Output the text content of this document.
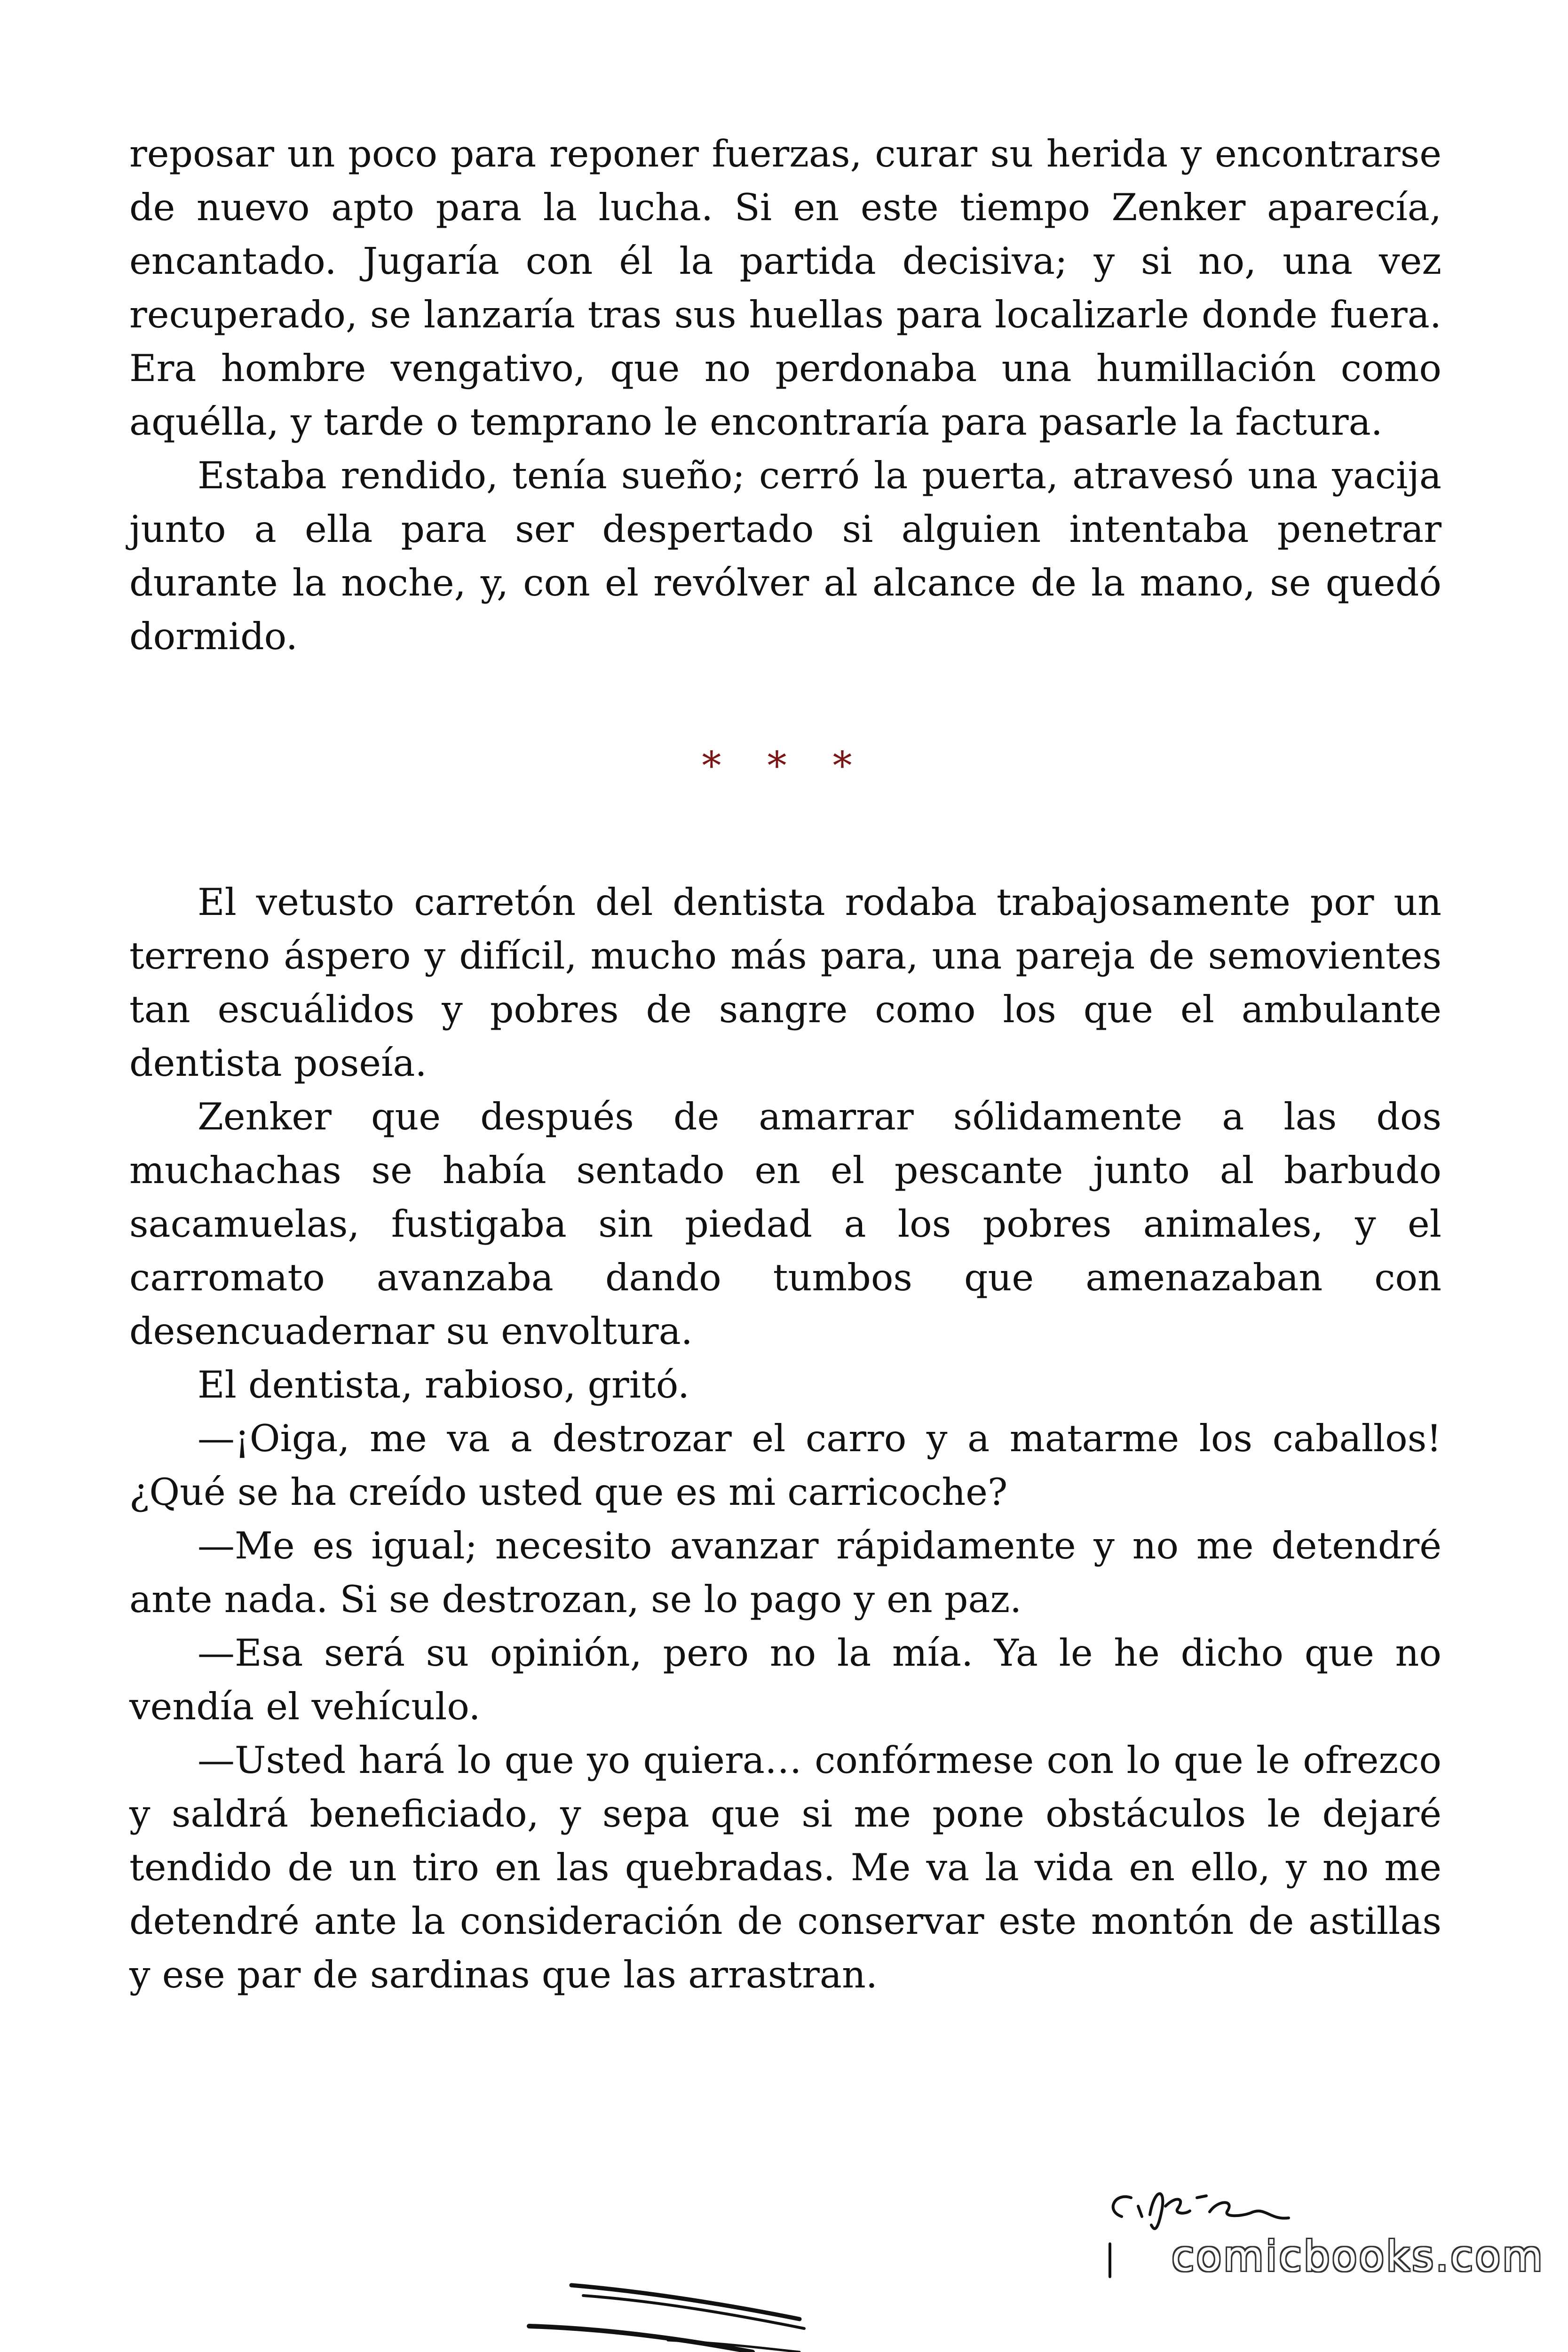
reposar un poco para reponer fuerzas, curar su herida y encontrarse de nuevo apto para la lucha. Si en este tiempo Zenker aparecía, encantado. Jugaría con él la partida decisiva; y si no, una vez recuperado, se lanzaría tras sus huellas para localizarle donde fuera. Era hombre vengativo, que no perdonaba una humillación como aquélla, y tarde o temprano le encontraría para pasarle la factura.

Estaba rendido, tenía sueño; cerró la puerta, atravesó una yacija junto a ella para ser despertado si alguien intentaba penetrar durante la noche, y, con el revólver al alcance de la mano, se quedó dormido.

* * *

El vetusto carretón del dentista rodaba trabajosamente por un terreno áspero y difícil, mucho más para, una pareja de semovientes tan escuálidos y pobres de sangre como los que el ambulante dentista poseía.

Zenker que después de amarrar sólidamente a las dos muchachas se había sentado en el pescante junto al barbudo sacamuelas, fustigaba sin piedad a los pobres animales, y el carromato avanzaba dando tumbos que amenazaban con desencuadernar su envoltura.

El dentista, rabioso, gritó.

—¡Oiga, me va a destrozar el carro y a matarme los caballos! ¿Qué se ha creído usted que es mi carricoche?

—Me es igual; necesito avanzar rápidamente y no me detendré ante nada. Si se destrozan, se lo pago y en paz.

—Esa será su opinión, pero no la mía. Ya le he dicho que no vendía el vehículo.

—Usted hará lo que yo quiera… confórmese con lo que le ofrezco y saldrá beneficiado, y sepa que si me pone obstáculos le dejaré tendido de un tiro en las quebradas. Me va la vida en ello, y no me detendré ante la consideración de conservar este montón de astillas y ese par de sardinas que las arrastran.

comicbooks.com
